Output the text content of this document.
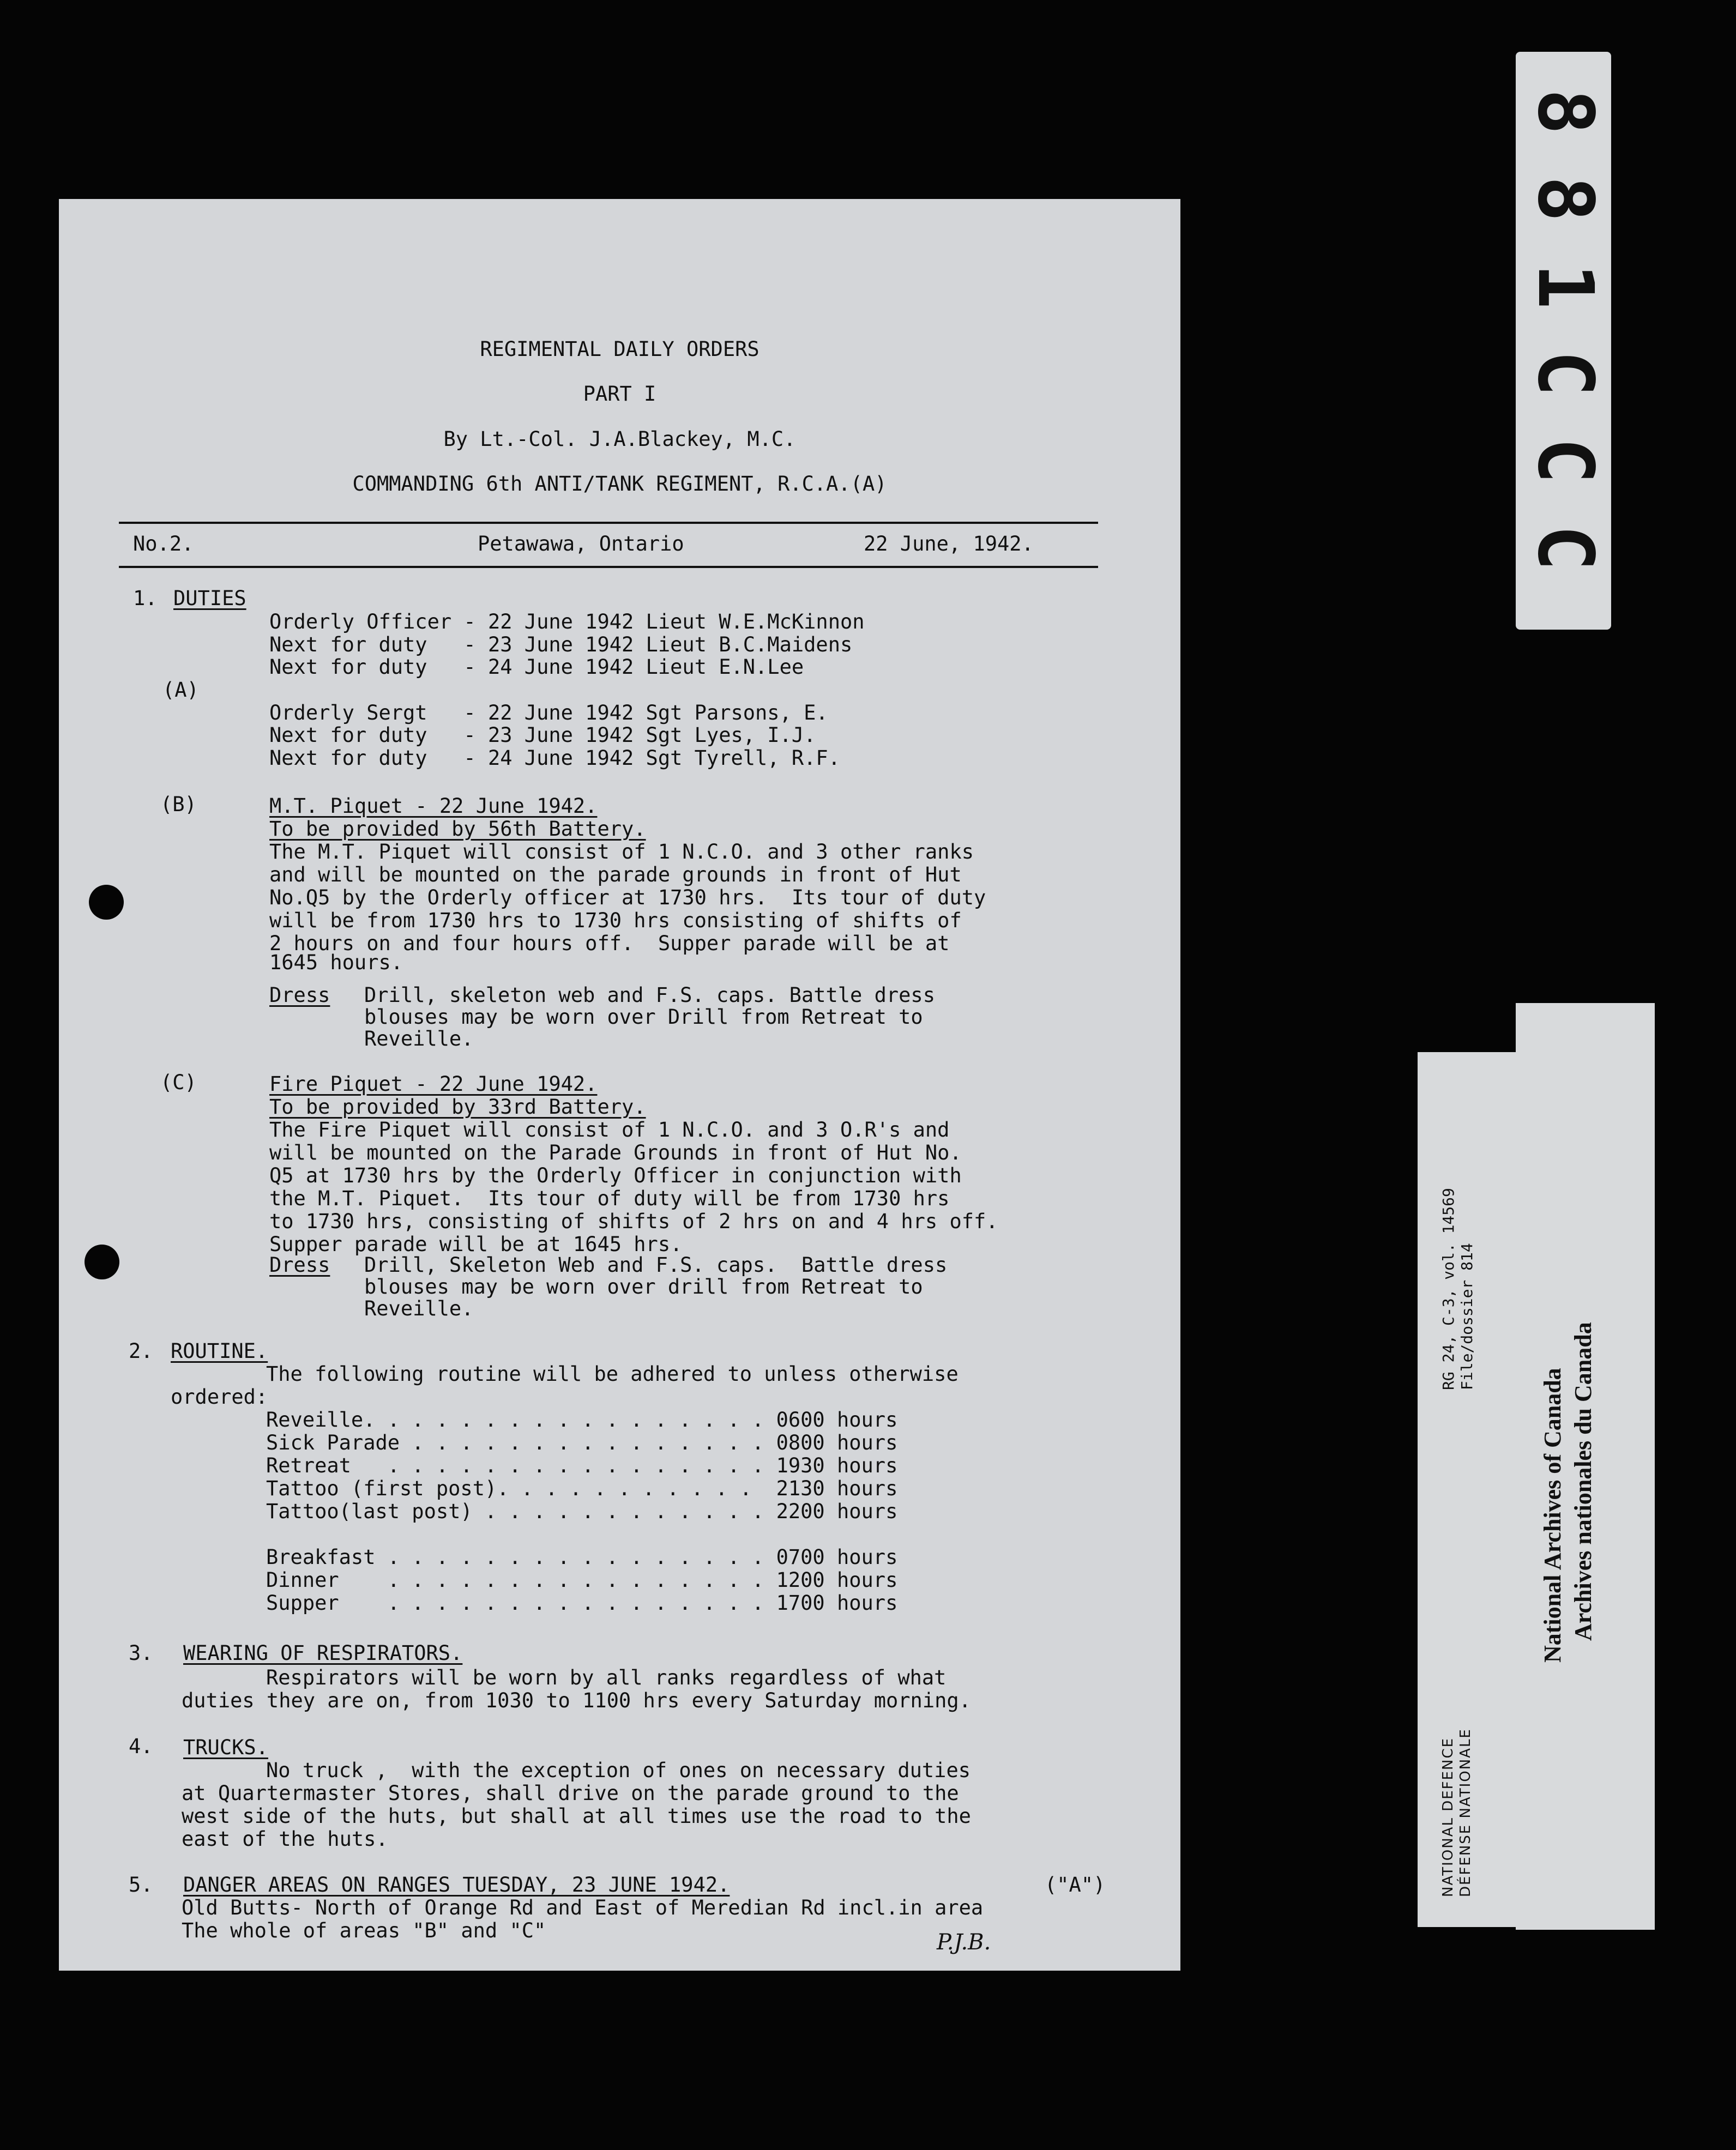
REGIMENTAL DAILY ORDERS
PART I
By Lt.-Col. J.A.Blackey, M.C.
COMMANDING 6th ANTI/TANK REGIMENT, R.C.A.(A)
No.2.	Petawawa, Ontario	22 June, 1942.
1. DUTIES
(A)
Orderly Officer - 22 June 1942 Lieut W.E.McKinnon
Next for duty   - 23 June 1942 Lieut B.C.Maidens
Next for duty   - 24 June 1942 Lieut E.N.Lee
Orderly Sergt   - 22 June 1942 Sgt Parsons, E.
Next for duty   - 23 June 1942 Sgt Lyes, I.J.
Next for duty   - 24 June 1942 Sgt Tyrell, R.F.
(B)	M.T. Piquet - 22 June 1942.
To be provided by 56th Battery.
The M.T. Piquet will consist of 1 N.C.O. and 3 other ranks
and will be mounted on the parade grounds in front of Hut
No.Q5 by the Orderly officer at 1730 hrs.  Its tour of duty
will be from 1730 hrs to 1730 hrs consisting of shifts of
2 hours on and four hours off.  Supper parade will be at
1645 hours.
Dress Drill, skeleton web and F.S. caps. Battle dress
blouses may be worn over Drill from Retreat to
Reveille.
(C)	Fire Piquet - 22 June 1942.
To be provided by 33rd Battery.
The Fire Piquet will consist of 1 N.C.O. and 3 O.R's and
will be mounted on the Parade Grounds in front of Hut No.
Q5 at 1730 hrs by the Orderly Officer in conjunction with
the M.T. Piquet.  Its tour of duty will be from 1730 hrs
to 1730 hrs, consisting of shifts of 2 hrs on and 4 hrs off.
Supper parade will be at 1645 hrs.
Dress Drill, Skeleton Web and F.S. caps.  Battle dress
blouses may be worn over drill from Retreat to
Reveille.
2. ROUTINE.
The following routine will be adhered to unless otherwise
ordered:
Reveille. . . . . . . . . . . . . . . . . 0600 hours
Sick Parade . . . . . . . . . . . . . . . 0800 hours
Retreat   . . . . . . . . . . . . . . . . 1930 hours
Tattoo (first post). . . . . . . . . . .  2130 hours
Tattoo(last post) . . . . . . . . . . . . 2200 hours
Breakfast . . . . . . . . . . . . . . . . 0700 hours
Dinner    . . . . . . . . . . . . . . . . 1200 hours
Supper    . . . . . . . . . . . . . . . . 1700 hours
3. WEARING OF RESPIRATORS.
Respirators will be worn by all ranks regardless of what
duties they are on, from 1030 to 1100 hrs every Saturday morning.
4. TRUCKS.
No truck ,  with the exception of ones on necessary duties
at Quartermaster Stores, shall drive on the parade ground to the
west side of the huts, but shall at all times use the road to the
east of the huts.
5. DANGER AREAS ON RANGES TUESDAY, 23 JUNE 1942.	("A")
Old Butts- North of Orange Rd and East of Meredian Rd incl.in area
The whole of areas "B" and "C"	P.J.B.
8
8
1
C
C
C
RG 24, C-3, vol. 14569 File/dossier 814
NATIONAL DEFENCE DÉFENSE NATIONALE
National Archives of Canada Archives nationales du Canada
